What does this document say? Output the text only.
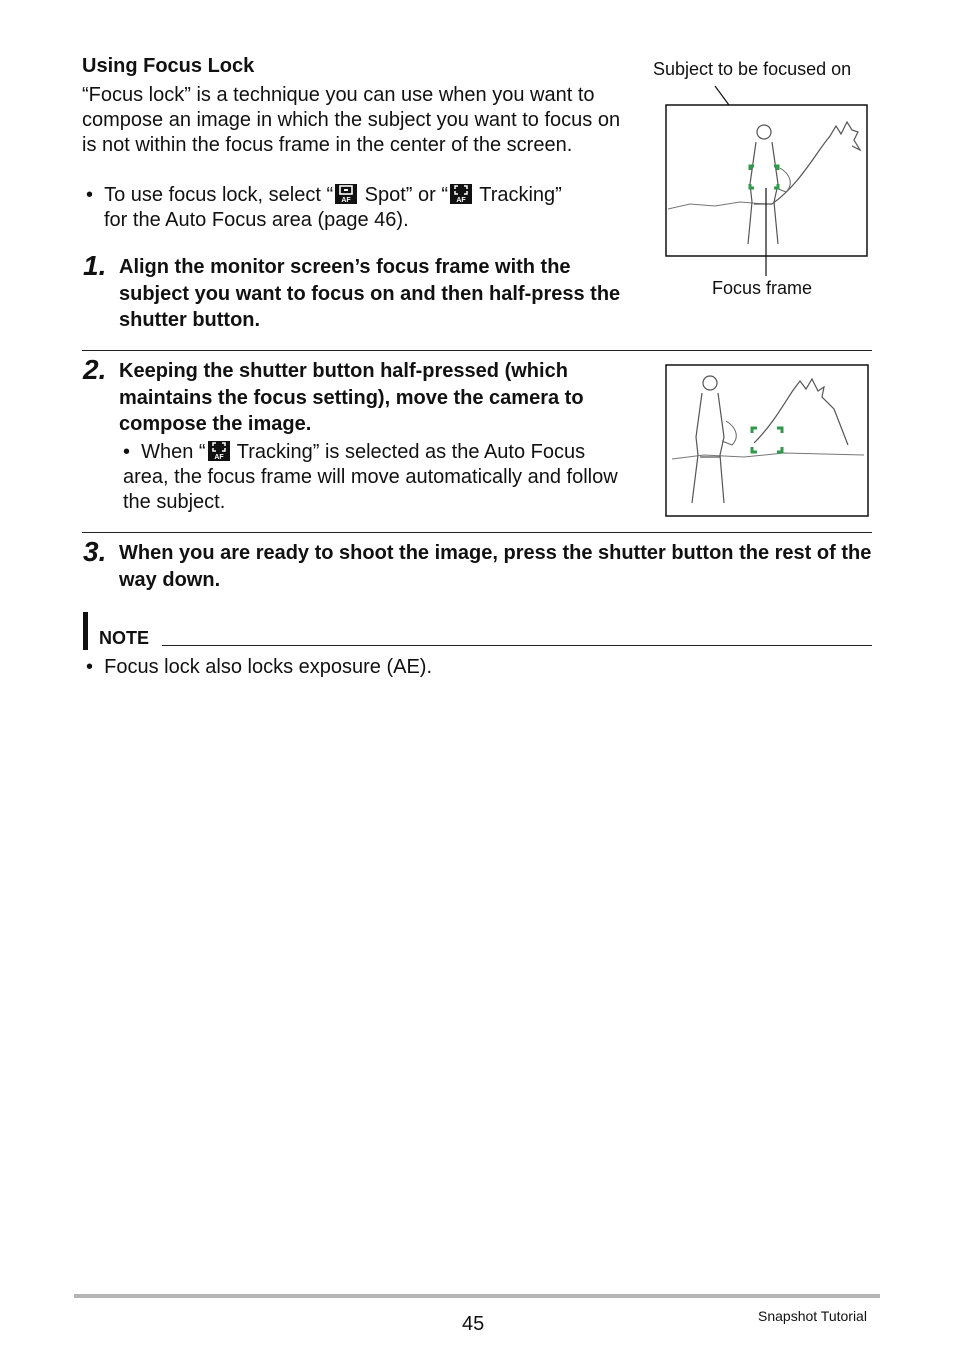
Using Focus Lock
“Focus lock” is a technique you can use when you want to compose an image in which the subject you want to focus on is not within the focus frame in the center of the screen.
•  To use focus lock, select “ AF Spot” or “ AF Tracking”
for the Auto Focus area (page 46).
Subject to be focused on
Focus frame
1. Align the monitor screen’s focus frame with the subject you want to focus on and then half-press the shutter button.
2. Keeping the shutter button half-pressed (which maintains the focus setting), move the camera to compose the image.
•  When “ AF Tracking” is selected as the Auto Focus area, the focus frame will move automatically and follow the subject.
3. When you are ready to shoot the image, press the shutter button the rest of the way down.
NOTE
•  Focus lock also locks exposure (AE).
45	Snapshot Tutorial
